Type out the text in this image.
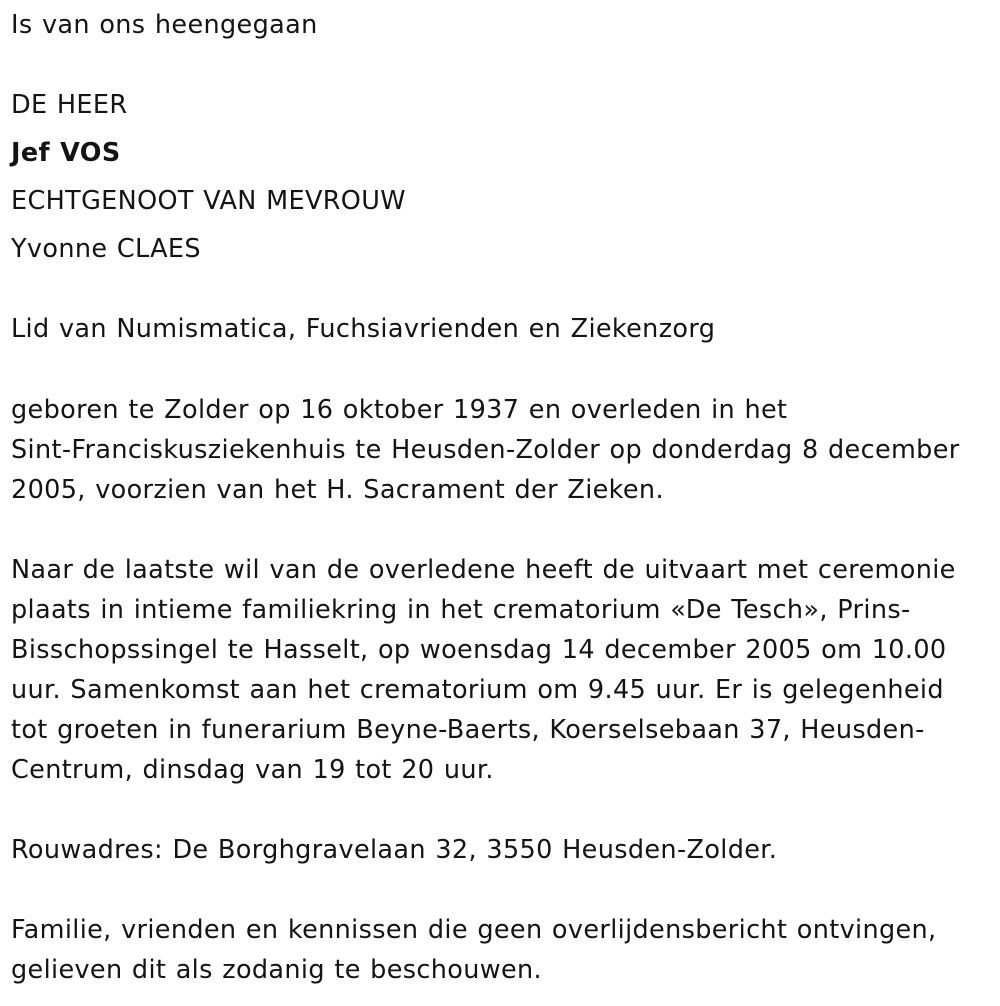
Is van ons heengegaan
DE HEER
Jef VOS
ECHTGENOOT VAN MEVROUW
Yvonne CLAES
Lid van Numismatica, Fuchsiavrienden en Ziekenzorg
geboren te Zolder op 16 oktober 1937 en overleden in het
Sint-Franciskusziekenhuis te Heusden-Zolder op donderdag 8 december
2005, voorzien van het H. Sacrament der Zieken.
Naar de laatste wil van de overledene heeft de uitvaart met ceremonie
plaats in intieme familiekring in het crematorium «De Tesch», Prins-
Bisschopssingel te Hasselt, op woensdag 14 december 2005 om 10.00
uur. Samenkomst aan het crematorium om 9.45 uur. Er is gelegenheid
tot groeten in funerarium Beyne-Baerts, Koerselsebaan 37, Heusden-
Centrum, dinsdag van 19 tot 20 uur.
Rouwadres: De Borghgravelaan 32, 3550 Heusden-Zolder.
Familie, vrienden en kennissen die geen overlijdensbericht ontvingen,
gelieven dit als zodanig te beschouwen.
